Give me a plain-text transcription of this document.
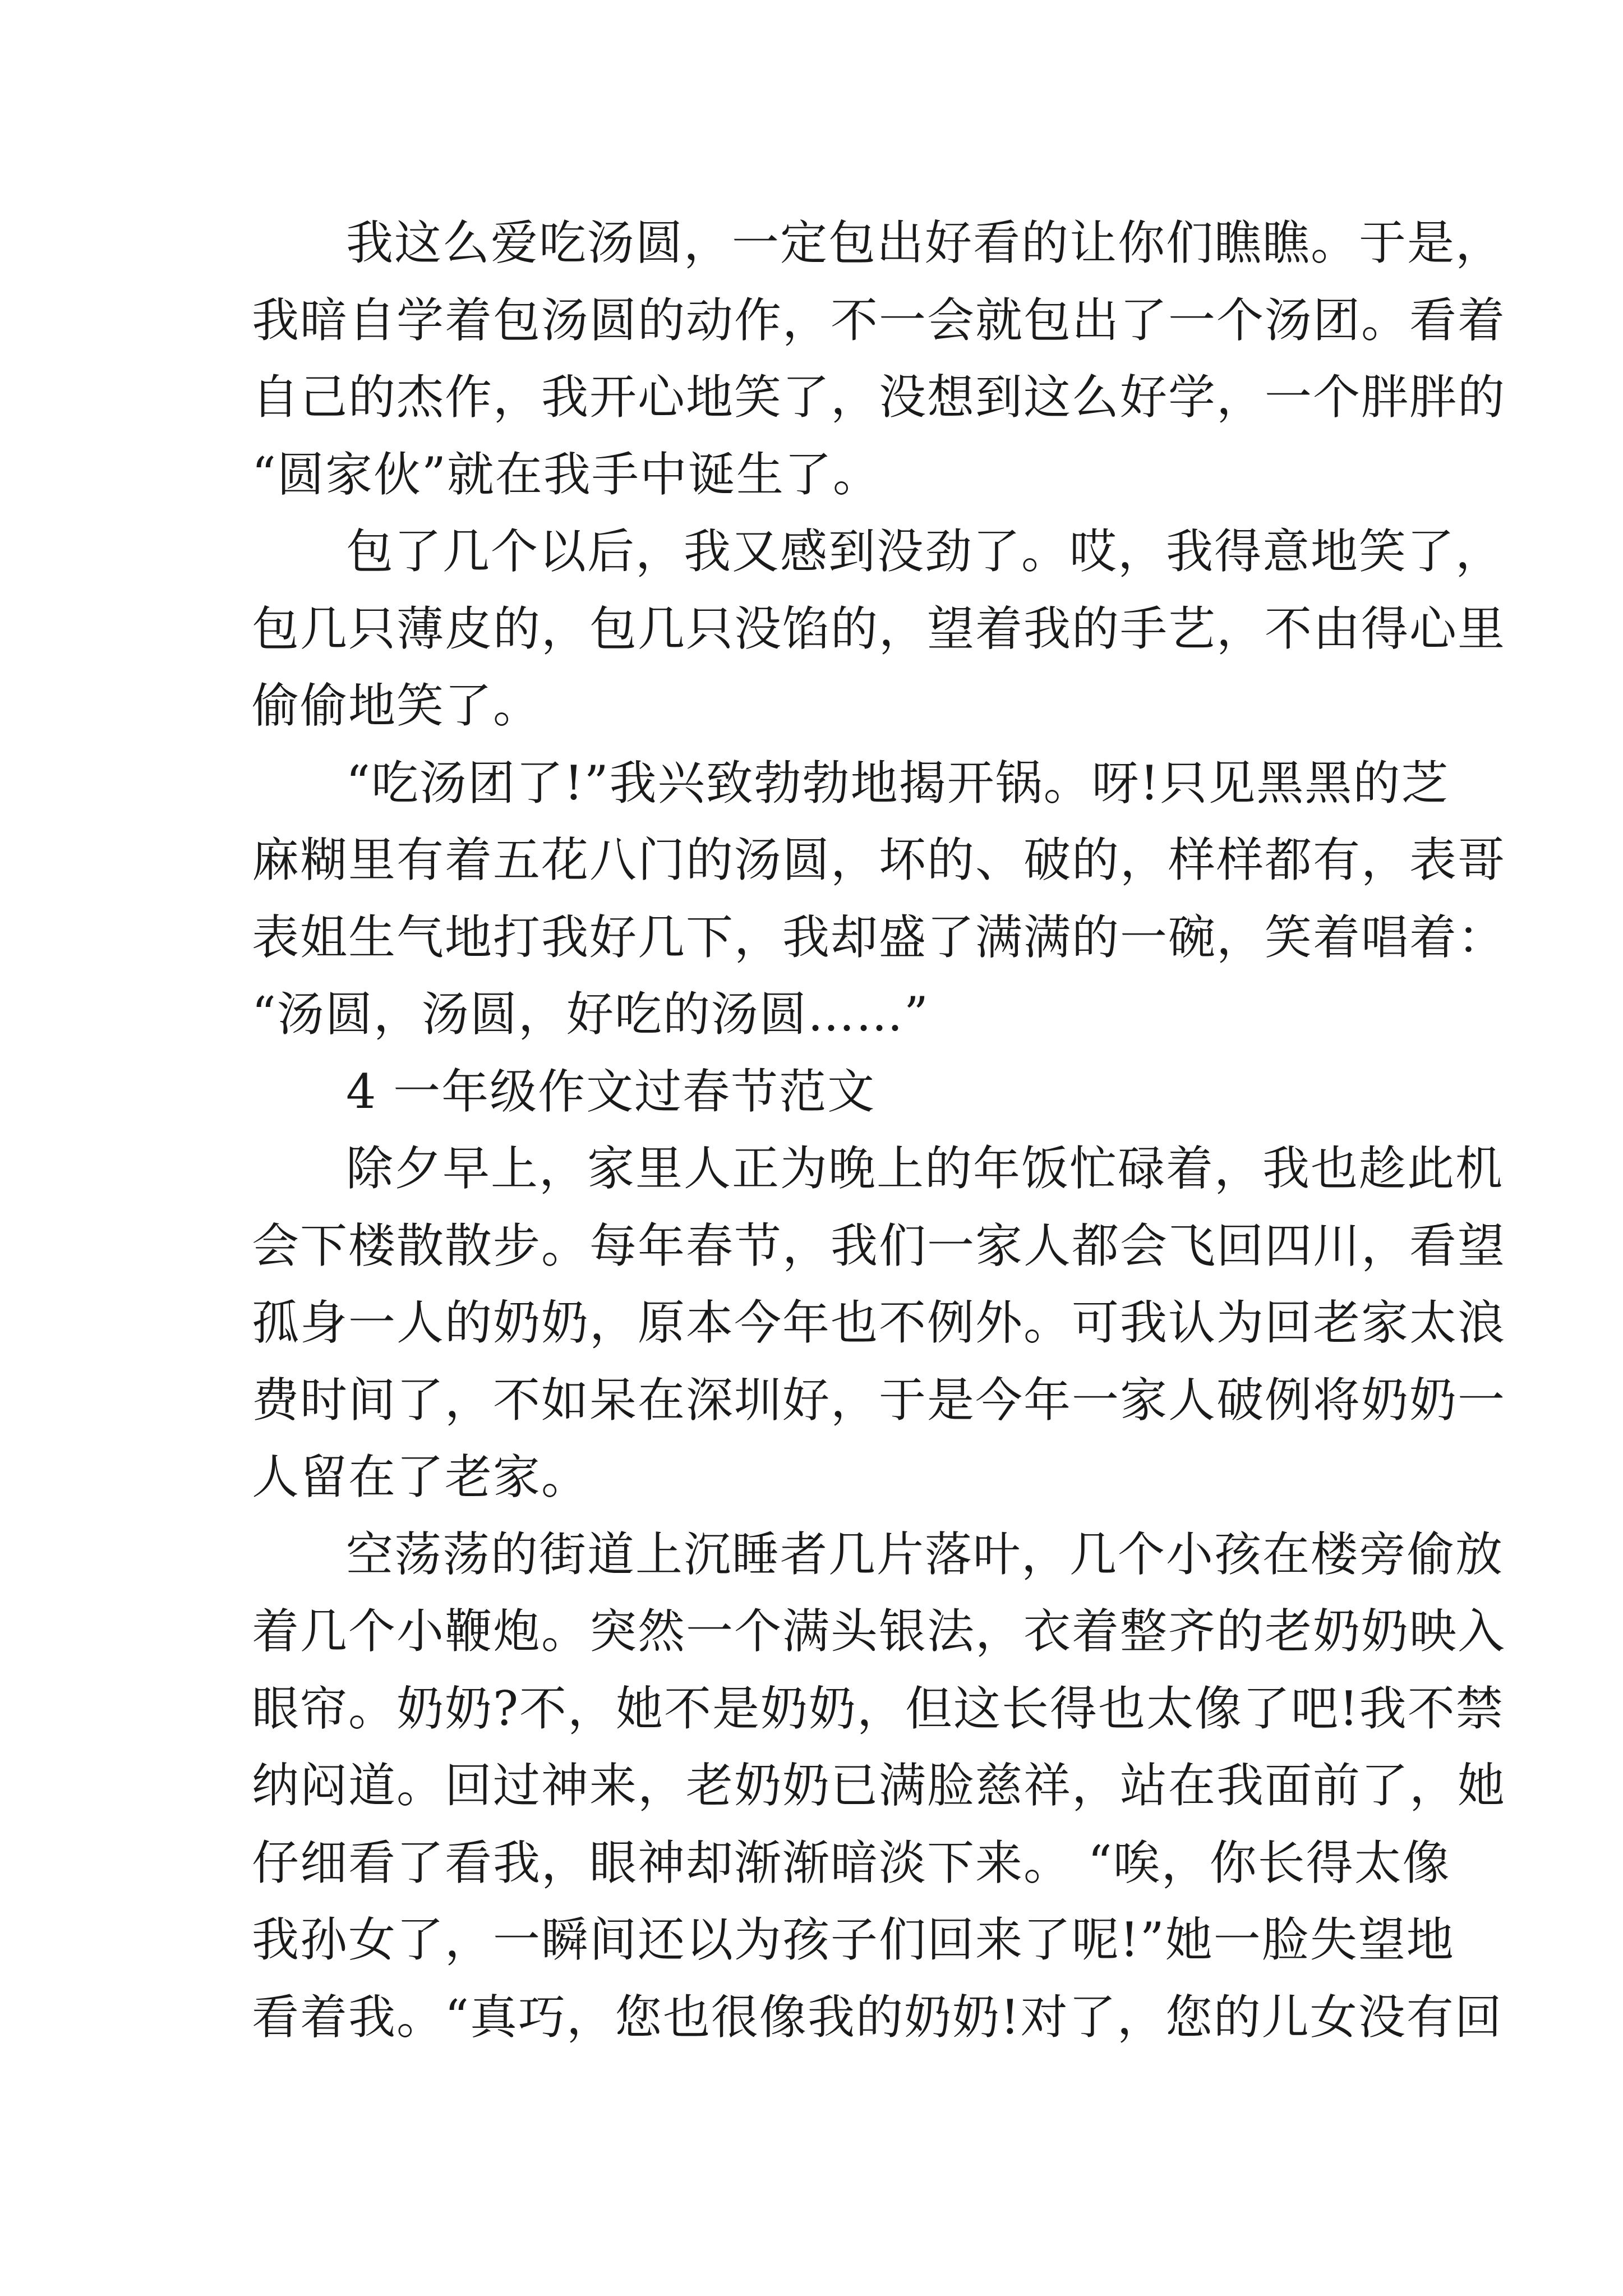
我这么爱吃汤圆，一定包出好看的让你们瞧瞧。于是，
我暗自学着包汤圆的动作，不一会就包出了一个汤团。看着
自己的杰作，我开心地笑了，没想到这么好学，一个胖胖的
“圆家伙”就在我手中诞生了。
包了几个以后，我又感到没劲了。哎，我得意地笑了，
包几只薄皮的，包几只没馅的，望着我的手艺，不由得心里
偷偷地笑了。
“吃汤团了!”我兴致勃勃地揭开锅。呀!只见黑黑的芝
麻糊里有着五花八门的汤圆，坏的、破的，样样都有，表哥
表姐生气地打我好几下，我却盛了满满的一碗，笑着唱着：
“汤圆，汤圆，好吃的汤圆……”
4 一年级作文过春节范文
除夕早上，家里人正为晚上的年饭忙碌着，我也趁此机
会下楼散散步。每年春节，我们一家人都会飞回四川，看望
孤身一人的奶奶，原本今年也不例外。可我认为回老家太浪
费时间了，不如呆在深圳好，于是今年一家人破例将奶奶一
人留在了老家。
空荡荡的街道上沉睡者几片落叶，几个小孩在楼旁偷放
着几个小鞭炮。突然一个满头银法，衣着整齐的老奶奶映入
眼帘。奶奶?不，她不是奶奶，但这长得也太像了吧!我不禁
纳闷道。回过神来，老奶奶已满脸慈祥，站在我面前了，她
仔细看了看我，眼神却渐渐暗淡下来。 “唉，你长得太像
我孙女了，一瞬间还以为孩子们回来了呢!”她一脸失望地
看着我。“真巧，您也很像我的奶奶!对了，您的儿女没有回
